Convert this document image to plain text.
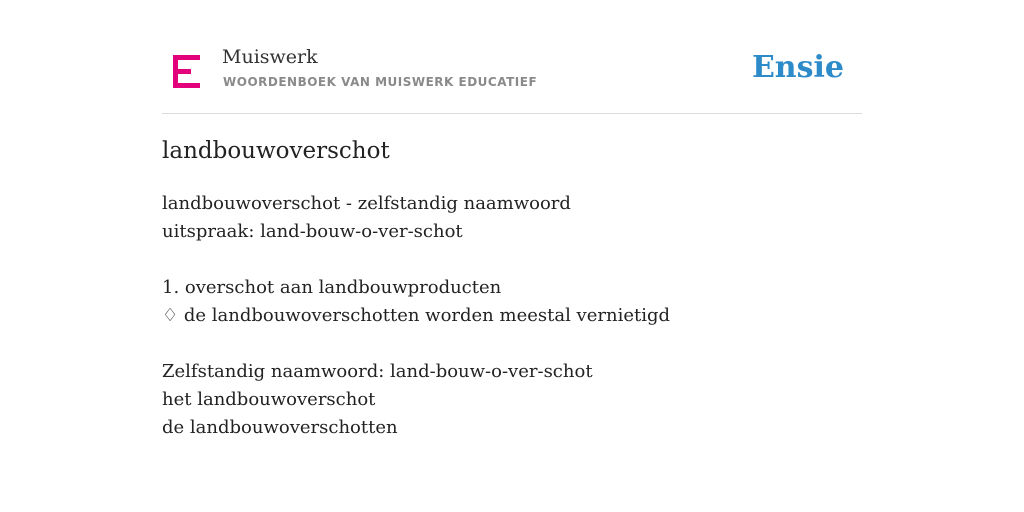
Muiswerk
WOORDENBOEK VAN MUISWERK EDUCATIEF	Ensie
landbouwoverschot
landbouwoverschot - zelfstandig naamwoord
uitspraak: land-bouw-o-ver-schot
1. overschot aan landbouwproducten
♢ de landbouwoverschotten worden meestal vernietigd
Zelfstandig naamwoord: land-bouw-o-ver-schot
het landbouwoverschot
de landbouwoverschotten
